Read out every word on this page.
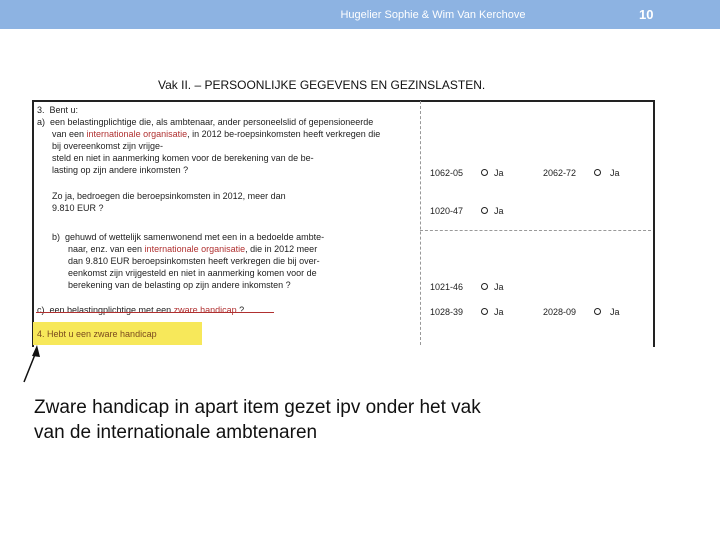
Hugelier Sophie & Wim Van Kerchove	10
Vak II. – PERSOONLIJKE GEGEVENS EN GEZINSLASTEN.

3.  Bent u:

a)  een belastingplichtige die, als ambtenaar, ander personeelslid of gepensioneerde

van een internationale organisatie, in 2012 be-roepsinkomsten heeft verkregen die

bij overeenkomst zijn vrijge-

steld en niet in aanmerking komen voor de berekening van de be-

lasting op zijn andere inkomsten ?

Zo ja, bedroegen die beroepsinkomsten in 2012, meer dan

9.810 EUR ?

b)  gehuwd of wettelijk samenwonend met een in a bedoelde ambte-

naar, enz. van een internationale organisatie, die in 2012 meer

dan 9.810 EUR beroepsinkomsten heeft verkregen die bij over-

eenkomst zijn vrijgesteld en niet in aanmerking komen voor de

berekening van de belasting op zijn andere inkomsten ?

c)  een belastingplichtige met een zware handicap ?

1062-05	Ja	2062-72	Ja
1020-47	Ja
1021-46	Ja
1028-39	Ja	2028-09	Ja
4. Hebt u een zware handicap
Zware handicap in apart item gezet ipv onder het vak
van de internationale ambtenaren
